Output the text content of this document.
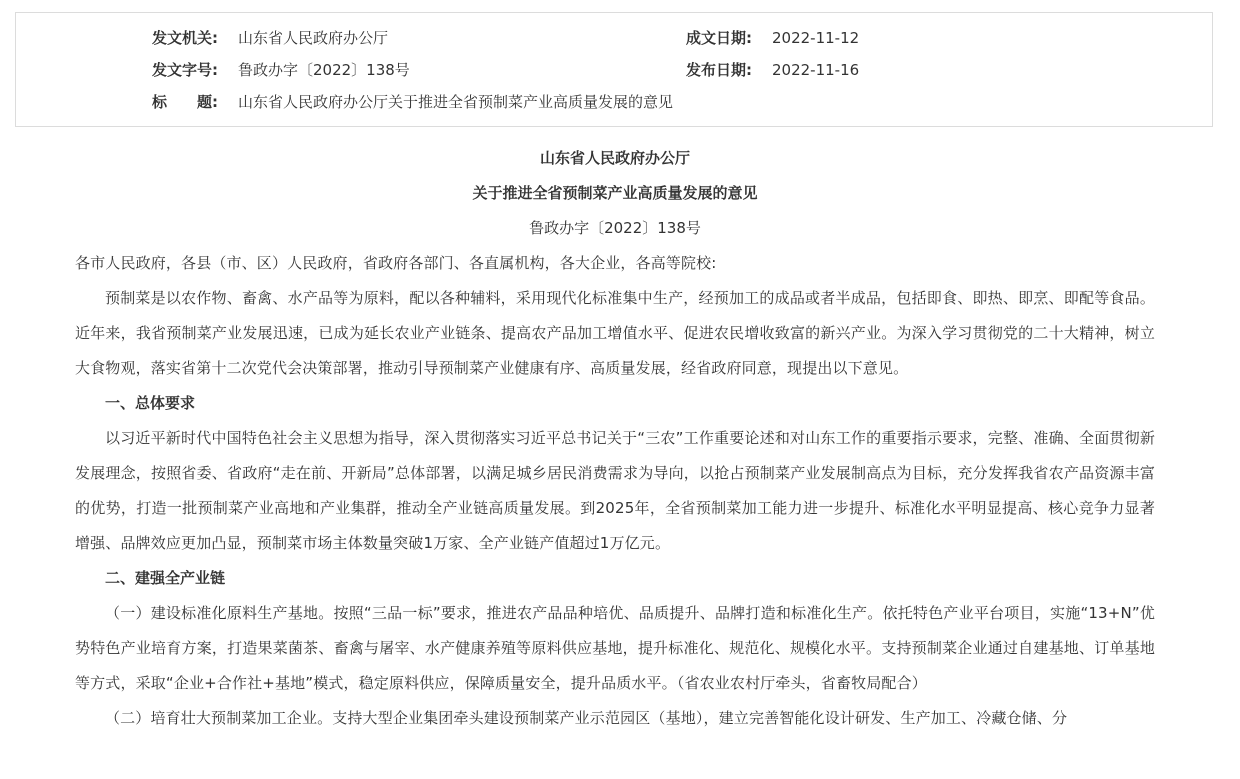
发文机关: 山东省人民政府办公厅	成文日期: 2022-11-12
发文字号: 鲁政办字〔2022〕138号	发布日期: 2022-11-16
标　　题: 山东省人民政府办公厅关于推进全省预制菜产业高质量发展的意见
山东省人民政府办公厅
关于推进全省预制菜产业高质量发展的意见
鲁政办字〔2022〕138号

各市人民政府，各县（市、区）人民政府，省政府各部门、各直属机构，各大企业，各高等院校:

预制菜是以农作物、畜禽、水产品等为原料，配以各种辅料，采用现代化标准集中生产，经预加工的成品或者半成品，包括即食、即热、即烹、即配等食品。近年来，我省预制菜产业发展迅速，已成为延长农业产业链条、提高农产品加工增值水平、促进农民增收致富的新兴产业。为深入学习贯彻党的二十大精神，树立大食物观，落实省第十二次党代会决策部署，推动引导预制菜产业健康有序、高质量发展，经省政府同意，现提出以下意见。

一、总体要求

以习近平新时代中国特色社会主义思想为指导，深入贯彻落实习近平总书记关于“三农”工作重要论述和对山东工作的重要指示要求，完整、准确、全面贯彻新发展理念，按照省委、省政府“走在前、开新局”总体部署，以满足城乡居民消费需求为导向，以抢占预制菜产业发展制高点为目标，充分发挥我省农产品资源丰富的优势，打造一批预制菜产业高地和产业集群，推动全产业链高质量发展。到2025年，全省预制菜加工能力进一步提升、标准化水平明显提高、核心竞争力显著增强、品牌效应更加凸显，预制菜市场主体数量突破1万家、全产业链产值超过1万亿元。

二、建强全产业链

（一）建设标准化原料生产基地。按照“三品一标”要求，推进农产品品种培优、品质提升、品牌打造和标准化生产。依托特色产业平台项目，实施“13+N”优势特色产业培育方案，打造果菜菌茶、畜禽与屠宰、水产健康养殖等原料供应基地，提升标准化、规范化、规模化水平。支持预制菜企业通过自建基地、订单基地等方式，采取“企业+合作社+基地”模式，稳定原料供应，保障质量安全，提升品质水平。（省农业农村厅牵头，省畜牧局配合）

（二）培育壮大预制菜加工企业。支持大型企业集团牵头建设预制菜产业示范园区（基地），建立完善智能化设计研发、生产加工、冷藏仓储、分
